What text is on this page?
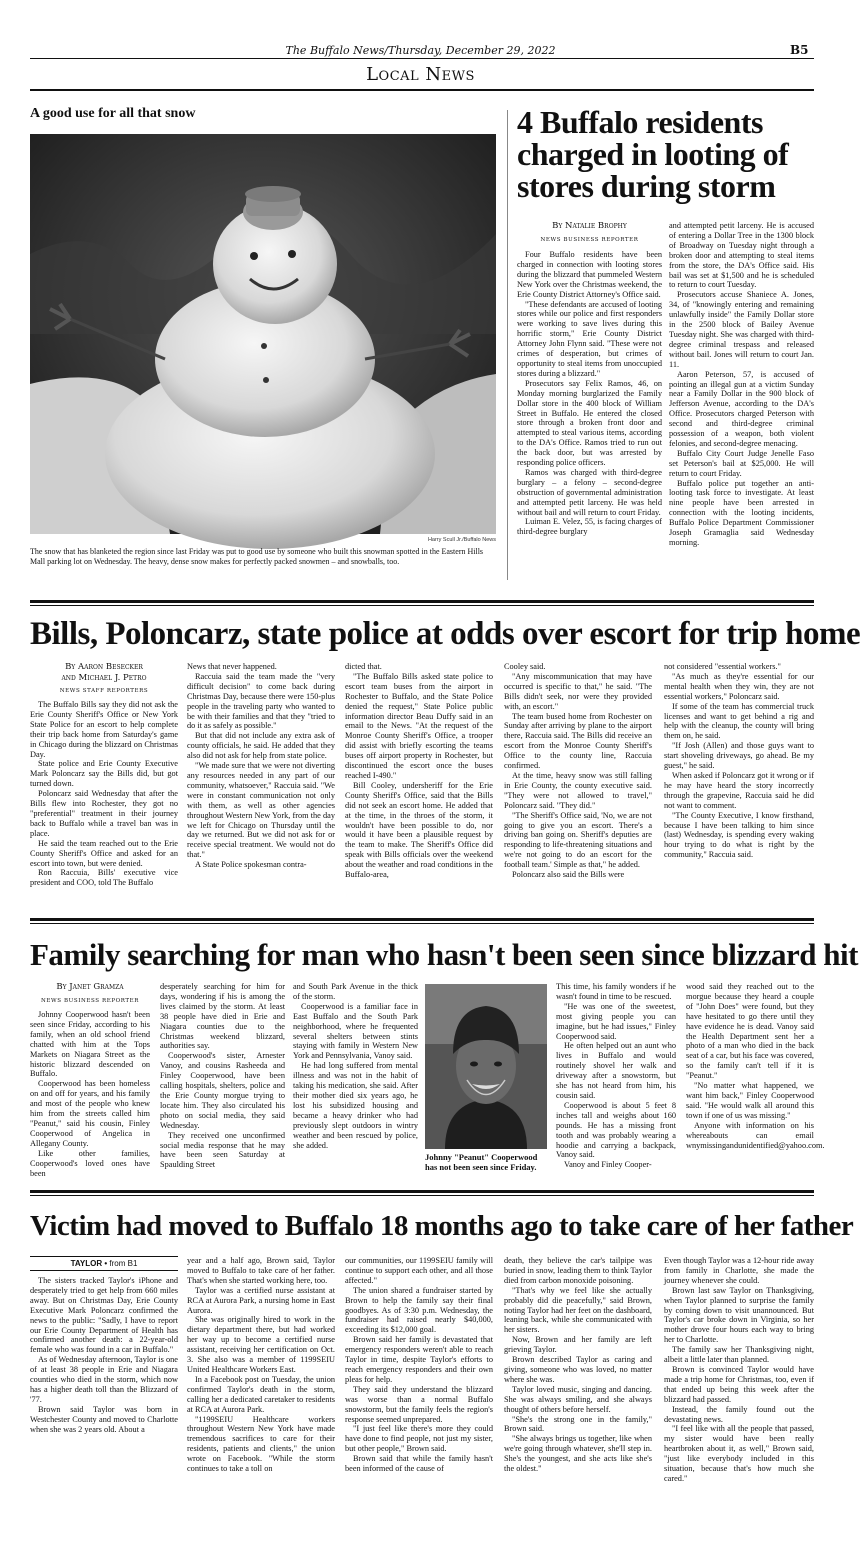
The Buffalo News/Thursday, December 29, 2022	B5
Local News
A good use for all that snow
Harry Scull Jr./Buffalo News
The snow that has blanketed the region since last Friday was put to good use by someone who built this snowman spotted in the Eastern Hills Mall parking lot on Wednesday. The heavy, dense snow makes for perfectly packed snowmen – and snowballs, too.
4 Buffalo residents charged in looting of stores during storm
By Natalie Brophy
NEWS BUSINESS REPORTER

Four Buffalo residents have been charged in connection with looting stores during the blizzard that pummeled Western New York over the Christmas weekend, the Erie County District Attorney's Office said.

"These defendants are accused of looting stores while our police and first responders were working to save lives during this horrific storm," Erie County District Attorney John Flynn said. "These were not crimes of desperation, but crimes of opportunity to steal items from unoccupied stores during a blizzard."

Prosecutors say Felix Ramos, 46, on Monday morning burglarized the Family Dollar store in the 400 block of William Street in Buffalo. He entered the closed store through a broken front door and attempted to steal various items, according to the DA's Office. Ramos tried to run out the back door, but was arrested by responding police officers.

Ramos was charged with third-degree burglary – a felony – second-degree obstruction of governmental administration and attempted petit larceny. He was held without bail and will return to court Friday.

Luiman E. Velez, 55, is facing charges of third-degree burglary

and attempted petit larceny. He is accused of entering a Dollar Tree in the 1300 block of Broadway on Tuesday night through a broken door and attempting to steal items from the store, the DA's Office said. His bail was set at $1,500 and he is scheduled to return to court Tuesday.

Prosecutors accuse Shaniece A. Jones, 34, of "knowingly entering and remaining unlawfully inside" the Family Dollar store in the 2500 block of Bailey Avenue Tuesday night. She was charged with third-degree criminal trespass and released without bail. Jones will return to court Jan. 11.

Aaron Peterson, 57, is accused of pointing an illegal gun at a victim Sunday near a Family Dollar in the 900 block of Jefferson Avenue, according to the DA's Office. Prosecutors charged Peterson with second and third-degree criminal possession of a weapon, both violent felonies, and second-degree menacing.

Buffalo City Court Judge Jenelle Faso set Peterson's bail at $25,000. He will return to court Friday.

Buffalo police put together an anti-looting task force to investigate. At least nine people have been arrested in connection with the looting incidents, Buffalo Police Department Commissioner Joseph Gramaglia said Wednesday morning.

Bills, Poloncarz, state police at odds over escort for trip home
By Aaron Besecker
and Michael J. Petro
NEWS STAFF REPORTERS

The Buffalo Bills say they did not ask the Erie County Sheriff's Office or New York State Police for an escort to help complete their trip back home from Saturday's game in Chicago during the blizzard on Christmas Day.

State police and Erie County Executive Mark Poloncarz say the Bills did, but got turned down.

Poloncarz said Wednesday that after the Bills flew into Rochester, they got no "preferential" treatment in their journey back to Buffalo while a travel ban was in place.

He said the team reached out to the Erie County Sheriff's Office and asked for an escort into town, but were denied.

Ron Raccuia, Bills' executive vice president and COO, told The Buffalo

News that never happened.

Raccuia said the team made the "very difficult decision" to come back during Christmas Day, because there were 150-plus people in the traveling party who wanted to be with their families and that they "tried to do it as safely as possible."

But that did not include any extra ask of county officials, he said. He added that they also did not ask for help from state police.

"We made sure that we were not diverting any resources needed in any part of our community, whatsoever," Raccuia said. "We were in constant communication not only with them, as well as other agencies throughout Western New York, from the day we left for Chicago on Thursday until the day we returned. But we did not ask for or receive special treatment. We would not do that."

A State Police spokesman contra-

dicted that.

"The Buffalo Bills asked state police to escort team buses from the airport in Rochester to Buffalo, and the State Police denied the request," State Police public information director Beau Duffy said in an email to the News. "At the request of the Monroe County Sheriff's Office, a trooper did assist with briefly escorting the teams buses off airport property in Rochester, but discontinued the escort once the buses reached I-490."

Bill Cooley, undersheriff for the Erie County Sheriff's Office, said that the Bills did not seek an escort home. He added that at the time, in the throes of the storm, it wouldn't have been possible to do, nor would it have been a plausible request by the team to make. The Sheriff's Office did speak with Bills officials over the weekend about the weather and road conditions in the Buffalo-area,

Cooley said.

"Any miscommunication that may have occurred is specific to that," he said. "The Bills didn't seek, nor were they provided with, an escort."

The team bused home from Rochester on Sunday after arriving by plane to the airport there, Raccuia said. The Bills did receive an escort from the Monroe County Sheriff's Office to the county line, Raccuia confirmed.

At the time, heavy snow was still falling in Erie County, the county executive said. "They were not allowed to travel," Poloncarz said. "They did."

"The Sheriff's Office said, 'No, we are not going to give you an escort. There's a driving ban going on. Sheriff's deputies are responding to life-threatening situations and we're not going to do an escort for the football team.' Simple as that," he added.

Poloncarz also said the Bills were

not considered "essential workers."

"As much as they're essential for our mental health when they win, they are not essential workers," Poloncarz said.

If some of the team has commercial truck licenses and want to get behind a rig and help with the cleanup, the county will bring them on, he said.

"If Josh (Allen) and those guys want to start shoveling driveways, go ahead. Be my guest," he said.

When asked if Poloncarz got it wrong or if he may have heard the story incorrectly through the grapevine, Raccuia said he did not want to comment.

"The County Executive, I know firsthand, because I have been talking to him since (last) Wednesday, is spending every waking hour trying to do what is right by the community," Raccuia said.

Family searching for man who hasn't been seen since blizzard hit
By Janet Gramza
NEWS BUSINESS REPORTER

Johnny Cooperwood hasn't been seen since Friday, according to his family, when an old school friend chatted with him at the Tops Markets on Niagara Street as the historic blizzard descended on Buffalo.

Cooperwood has been homeless on and off for years, and his family and most of the people who knew him from the streets called him "Peanut," said his cousin, Finley Cooperwood of Angelica in Allegany County.

Like other families, Cooperwood's loved ones have been

desperately searching for him for days, wondering if his is among the lives claimed by the storm. At least 38 people have died in Erie and Niagara counties due to the Christmas weekend blizzard, authorities say.

Cooperwood's sister, Arnester Vanoy, and cousins Rasheeda and Finley Cooperwood, have been calling hospitals, shelters, police and the Erie County morgue trying to locate him. They also circulated his photo on social media, they said Wednesday.

They received one unconfirmed social media response that he may have been seen Saturday at Spaulding Street

and South Park Avenue in the thick of the storm.

Cooperwood is a familiar face in East Buffalo and the South Park neighborhood, where he frequented several shelters between stints staying with family in Western New York and Pennsylvania, Vanoy said.

He had long suffered from mental illness and was not in the habit of taking his medication, she said. After their mother died six years ago, he lost his subsidized housing and became a heavy drinker who had previously slept outdoors in wintry weather and been rescued by police, she added.

Johnny "Peanut" Cooperwood has not been seen since Friday.

This time, his family wonders if he wasn't found in time to be rescued.

"He was one of the sweetest, most giving people you can imagine, but he had issues," Finley Cooperwood said.

He often helped out an aunt who lives in Buffalo and would routinely shovel her walk and driveway after a snowstorm, but she has not heard from him, his cousin said.

Cooperwood is about 5 feet 8 inches tall and weighs about 160 pounds. He has a missing front tooth and was probably wearing a hoodie and carrying a backpack, Vanoy said.

Vanoy and Finley Cooper-

wood said they reached out to the morgue because they heard a couple of "John Does" were found, but they have hesitated to go there until they have evidence he is dead. Vanoy said the Health Department sent her a photo of a man who died in the back seat of a car, but his face was covered, so the family can't tell if it is "Peanut."

"No matter what happened, we want him back," Finley Cooperwood said. "He would walk all around this town if one of us was missing."

Anyone with information on his whereabouts can email wnymissingandunidentified@yahoo.com.

Victim had moved to Buffalo 18 months ago to take care of her father
TAYLOR • from B1

The sisters tracked Taylor's iPhone and desperately tried to get help from 660 miles away. But on Christmas Day, Erie County Executive Mark Poloncarz confirmed the news to the public: "Sadly, I have to report our Erie County Department of Health has confirmed another death: a 22-year-old female who was found in a car in Buffalo."

As of Wednesday afternoon, Taylor is one of at least 38 people in Erie and Niagara counties who died in the storm, which now has a higher death toll than the Blizzard of '77.

Brown said Taylor was born in Westchester County and moved to Charlotte when she was 2 years old. About a

year and a half ago, Brown said, Taylor moved to Buffalo to take care of her father. That's when she started working here, too.

Taylor was a certified nurse assistant at RCA at Aurora Park, a nursing home in East Aurora.

She was originally hired to work in the dietary department there, but had worked her way up to become a certified nurse assistant, receiving her certification on Oct. 3. She also was a member of 1199SEIU United Healthcare Workers East.

In a Facebook post on Tuesday, the union confirmed Taylor's death in the storm, calling her a dedicated caretaker to residents at RCA at Aurora Park.

"1199SEIU Healthcare workers throughout Western New York have made tremendous sacrifices to care for their residents, patients and clients," the union wrote on Facebook. "While the storm continues to take a toll on

our communities, our 1199SEIU family will continue to support each other, and all those affected."

The union shared a fundraiser started by Brown to help the family say their final goodbyes. As of 3:30 p.m. Wednesday, the fundraiser had raised nearly $40,000, exceeding its $12,000 goal.

Brown said her family is devastated that emergency responders weren't able to reach Taylor in time, despite Taylor's efforts to reach emergency responders and their own pleas for help.

They said they understand the blizzard was worse than a normal Buffalo snowstorm, but the family feels the region's response seemed unprepared.

"I just feel like there's more they could have done to find people, not just my sister, but other people," Brown said.

Brown said that while the family hasn't been informed of the cause of

death, they believe the car's tailpipe was buried in snow, leading them to think Taylor died from carbon monoxide poisoning.

"That's why we feel like she actually probably did die peacefully," said Brown, noting Taylor had her feet on the dashboard, leaning back, while she communicated with her sisters.

Now, Brown and her family are left grieving Taylor.

Brown described Taylor as caring and giving, someone who was loved, no matter where she was.

Taylor loved music, singing and dancing. She was always smiling, and she always thought of others before herself.

"She's the strong one in the family," Brown said.

"She always brings us together, like when we're going through whatever, she'll step in. She's the youngest, and she acts like she's the oldest."

Even though Taylor was a 12-hour ride away from family in Charlotte, she made the journey whenever she could.

Brown last saw Taylor on Thanksgiving, when Taylor planned to surprise the family by coming down to visit unannounced. But Taylor's car broke down in Virginia, so her mother drove four hours each way to bring her to Charlotte.

The family saw her Thanksgiving night, albeit a little later than planned.

Brown is convinced Taylor would have made a trip home for Christmas, too, even if that ended up being this week after the blizzard had passed.

Instead, the family found out the devastating news.

"I feel like with all the people that passed, my sister would have been really heartbroken about it, as well," Brown said, "just like everybody included in this situation, because that's how much she cared."
